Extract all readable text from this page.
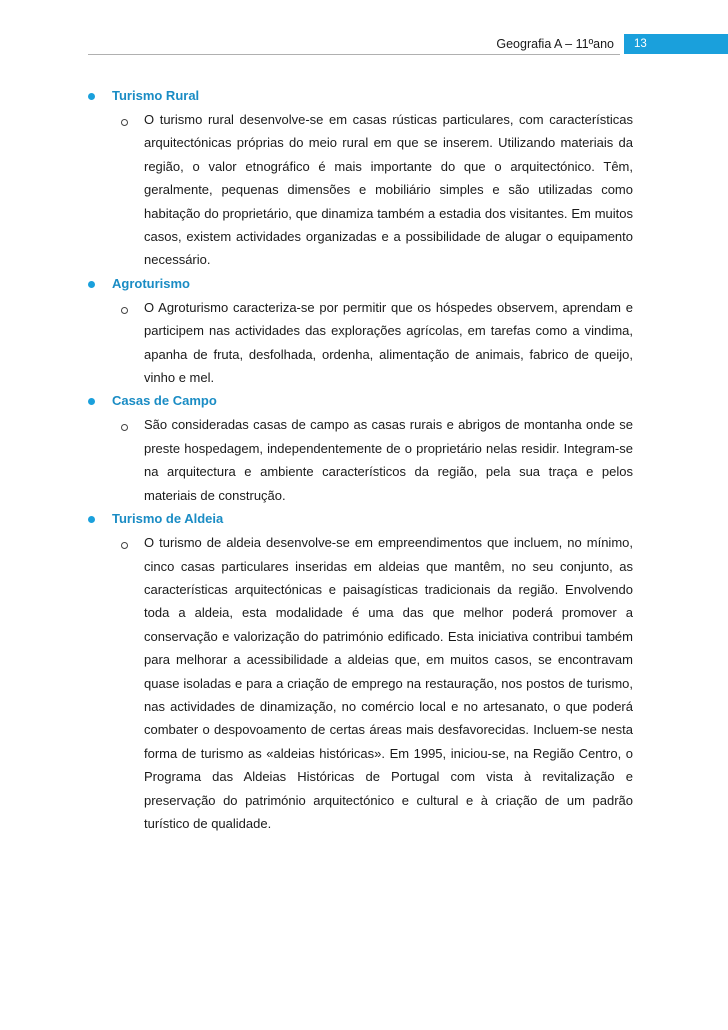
Geografia A – 11ºano	13
Turismo Rural

O turismo rural desenvolve-se em casas rústicas particulares, com características arquitectónicas próprias do meio rural em que se inserem. Utilizando materiais da região, o valor etnográfico é mais importante do que o arquitectónico. Têm, geralmente, pequenas dimensões e mobiliário simples e são utilizadas como habitação do proprietário, que dinamiza também a estadia dos visitantes. Em muitos casos, existem actividades organizadas e a possibilidade de alugar o equipamento necessário.

Agroturismo

O Agroturismo caracteriza-se por permitir que os hóspedes observem, aprendam e participem nas actividades das explorações agrícolas, em tarefas como a vindima, apanha de fruta, desfolhada, ordenha, alimentação de animais, fabrico de queijo, vinho e mel.

Casas de Campo

São consideradas casas de campo as casas rurais e abrigos de montanha onde se preste hospedagem, independentemente de o proprietário nelas residir. Integram-se na arquitectura e ambiente característicos da região, pela sua traça e pelos materiais de construção.

Turismo de Aldeia

O turismo de aldeia desenvolve-se em empreendimentos que incluem, no mínimo, cinco casas particulares inseridas em aldeias que mantêm, no seu conjunto, as características arquitectónicas e paisagísticas tradicionais da região. Envolvendo toda a aldeia, esta modalidade é uma das que melhor poderá promover a conservação e valorização do património edificado. Esta iniciativa contribui também para melhorar a acessibilidade a aldeias que, em muitos casos, se encontravam quase isoladas e para a criação de emprego na restauração, nos postos de turismo, nas actividades de dinamização, no comércio local e no artesanato, o que poderá combater o despovoamento de certas áreas mais desfavorecidas. Incluem-se nesta forma de turismo as «aldeias históricas». Em 1995, iniciou-se, na Região Centro, o Programa das Aldeias Históricas de Portugal com vista à revitalização e preservação do património arquitectónico e cultural e à criação de um padrão turístico de qualidade.
